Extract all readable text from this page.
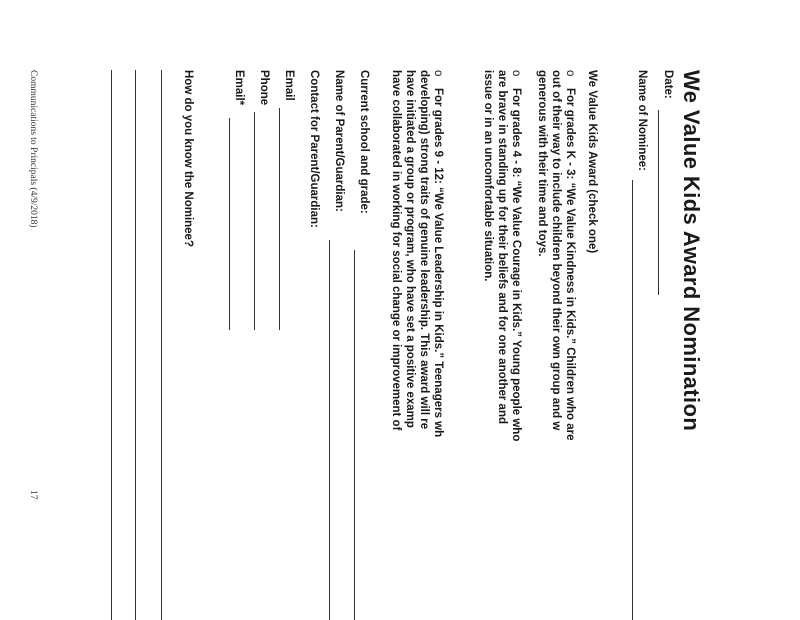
We Value Kids Award Nomination
Date:
Name of Nominee:
We Value Kids Award (check one)
o
For grades K - 3: “We Value Kindness in Kids.” Children who are
out of their way to include children beyond their own group and w
generous with their time and toys.
o
For grades 4 - 8: “We Value Courage in Kids.” Young people who
are brave in standing up for their beliefs and for one another and
issue or in an uncomfortable situation.
o
For grades 9 - 12: “We Value Leadership in Kids.” Teenagers wh
developing) strong traits of genuine leadership. This award will re
have initiated a group or program, who have set a positive examp
have collaborated in working for social change or improvement of
Current school and grade:
Name of Parent/Guardian:
Contact for Parent/Guardian:
Email
Phone
Email*
How do you know the Nominee?
Communications to Principals (4/9/2018)
17
